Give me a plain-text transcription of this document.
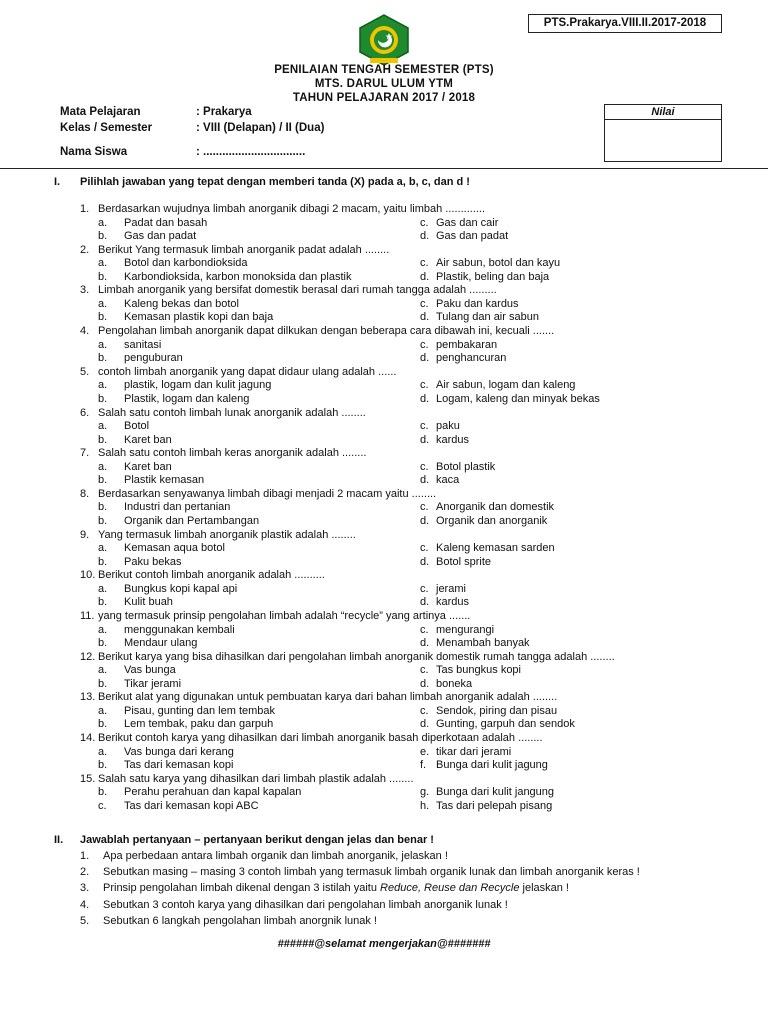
PTS.Prakarya.VIII.II.2017-2018
PENILAIAN TENGAH SEMESTER (PTS)
MTS. DARUL ULUM YTM
TAHUN PELAJARAN 2017 / 2018
Mata Pelajaran	: Prakarya
Kelas / Semester	: VIII (Delapan) / II (Dua)
Nama Siswa	: ................................
Nilai
I. Pilihlah jawaban yang tepat dengan memberi tanda (X) pada a, b, c, dan d !
1. Berdasarkan wujudnya limbah anorganik dibagi 2 macam, yaitu limbah .............
a. Padat dan basah	c. Gas dan cair
b. Gas dan padat	d. Gas dan padat
2. Berikut Yang termasuk limbah anorganik padat adalah ........
a. Botol dan karbondioksida	c. Air sabun, botol dan kayu
b. Karbondioksida, karbon monoksida dan plastik	d. Plastik, beling dan baja
3. Limbah anorganik yang bersifat domestik berasal dari rumah tangga adalah .........
a. Kaleng bekas dan botol	c. Paku dan kardus
b. Kemasan plastik kopi dan baja	d. Tulang dan air sabun
4. Pengolahan limbah anorganik dapat dilkukan dengan beberapa cara dibawah ini, kecuali .......
a. sanitasi	c. pembakaran
b. penguburan	d. penghancuran
5. contoh limbah anorganik yang dapat didaur ulang adalah ......
a. plastik, logam dan kulit jagung	c. Air sabun, logam dan kaleng
b. Plastik, logam dan kaleng	d. Logam, kaleng dan minyak bekas
6. Salah satu contoh limbah lunak anorganik adalah ........
a. Botol	c. paku
b. Karet ban	d. kardus
7. Salah satu contoh limbah keras anorganik adalah ........
a. Karet ban	c. Botol plastik
b. Plastik kemasan	d. kaca
8. Berdasarkan senyawanya limbah dibagi menjadi 2 macam yaitu ........
b. Industri dan pertanian	c. Anorganik dan domestik
b. Organik dan Pertambangan	d. Organik dan anorganik
9. Yang termasuk limbah anorganik plastik adalah ........
a. Kemasan aqua botol	c. Kaleng kemasan sarden
b. Paku bekas	d. Botol sprite
10. Berikut contoh limbah anorganik adalah ..........
a. Bungkus kopi kapal api	c. jerami
b. Kulit buah	d. kardus
11. yang termasuk prinsip pengolahan limbah adalah “recycle” yang artinya .......
a. menggunakan kembali	c. mengurangi
b. Mendaur ulang	d. Menambah banyak
12. Berikut karya yang bisa dihasilkan dari pengolahan limbah anorganik domestik rumah tangga adalah ........
a. Vas bunga	c. Tas bungkus kopi
b. Tikar jerami	d. boneka
13. Berikut alat yang digunakan untuk pembuatan karya dari bahan limbah anorganik adalah ........
a. Pisau, gunting dan lem tembak	c. Sendok, piring dan pisau
b. Lem tembak, paku dan garpuh	d. Gunting, garpuh dan sendok
14. Berikut contoh karya yang dihasilkan dari limbah anorganik basah diperkotaan adalah ........
a. Vas bunga dari kerang	e. tikar dari jerami
b. Tas dari kemasan kopi	f. Bunga dari kulit jagung
15. Salah satu karya yang dihasilkan dari limbah plastik adalah ........
b. Perahu perahuan dan kapal kapalan	g. Bunga dari kulit jangung
c. Tas dari kemasan kopi ABC	h. Tas dari pelepah pisang
II. Jawablah pertanyaan – pertanyaan berikut dengan jelas dan benar !
1. Apa perbedaan antara limbah organik dan limbah anorganik, jelaskan !
2. Sebutkan masing – masing 3 contoh limbah yang termasuk limbah organik lunak dan limbah anorganik keras !
3. Prinsip pengolahan limbah dikenal dengan 3 istilah yaitu Reduce, Reuse dan Recycle jelaskan !
4. Sebutkan 3 contoh karya yang dihasilkan dari pengolahan limbah anorganik lunak !
5. Sebutkan 6 langkah pengolahan limbah anorgnik lunak !
######@selamat mengerjakan@#######
